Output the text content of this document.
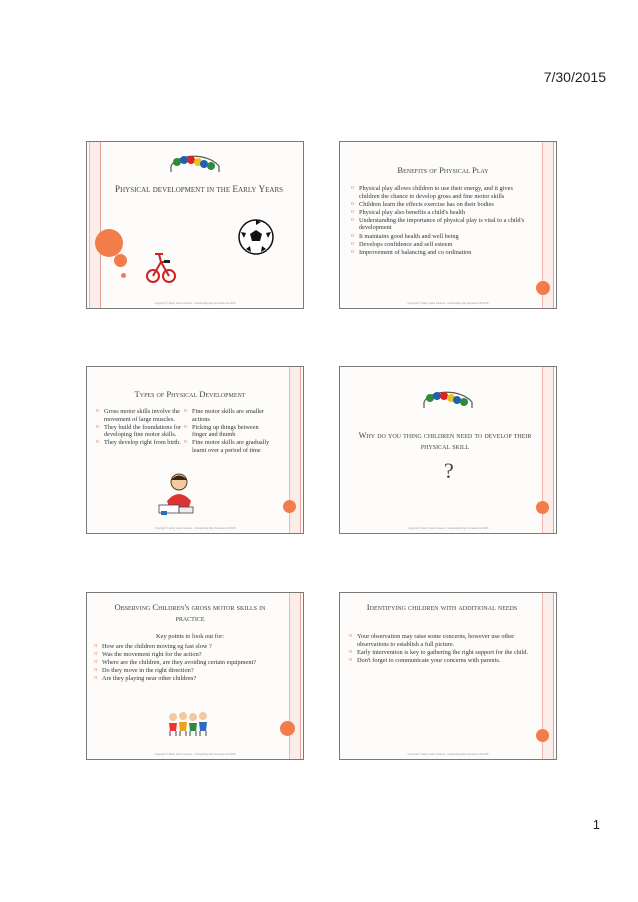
7/30/2015
Physical development in the Early Years
Copyright © Early Years Careers - Outstanding Day Nurseries ltd 2015
Benefits of Physical Play
o Physical play allows children to use their energy, and it gives children the chance to develop gross and fine motor skills
o Children learn the effects exercise has on their bodies
o Physical play also benefits a child's health
o Understanding the importance of physical play is vital to a child's development
o It maintains good health and well being
o Develops confidence and self esteem
o Improvement of balancing and co ordination
Copyright © Early Years Careers - Outstanding Day Nurseries ltd 2015
Types of Physical Development
o Gross motor skills involve the movement of large muscles.
o They build the foundations for developing fine motor skills.
o They develop right from birth.
o Fine motor skills are smaller actions
o Picking up things between finger and thumb
o Fine motor skills are gradually learnt over a period of time
Copyright © Early Years Careers - Outstanding Day Nurseries ltd 2015
Why do you thing children need to develop their physical skill
?
Copyright © Early Years Careers - Outstanding Day Nurseries ltd 2015
Observing Children's gross motor skills in practice
Key points to look out for:
o How are the children moving eg fast slow ?
o Was the movement right for the action?
o Where are the children, are they avoiding certain equipment?
o Do they move in the right direction?
o Are they playing near other children?
Copyright © Early Years Careers - Outstanding Day Nurseries ltd 2015
Identifying children with additional needs
o Your observation may raise some concerns, however use other observations to establish a full picture.
o Early intervention is key to gathering the right support for the child.
o Don't forget to communicate your concerns with parents.
Copyright © Early Years Careers - Outstanding Day Nurseries ltd 2015
1
